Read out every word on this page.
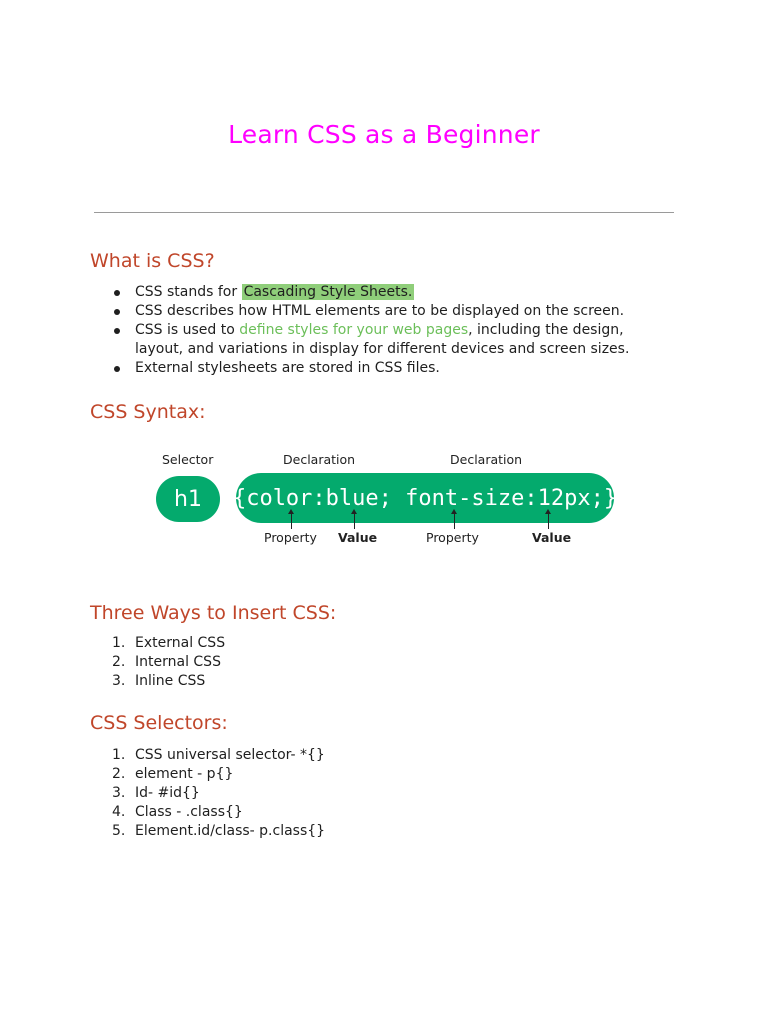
Learn CSS as a Beginner
What is CSS?
CSS stands for Cascading Style Sheets.
CSS describes how HTML elements are to be displayed on the screen.
CSS is used to define styles for your web pages, including the design, layout, and variations in display for different devices and screen sizes.
External stylesheets are stored in CSS files.
CSS Syntax:
Selector	Declaration	Declaration
h1	{color:blue; font-size:12px;}
Property Value	Property	Value
Three Ways to Insert CSS:
1. External CSS
2. Internal CSS
3. Inline CSS
CSS Selectors:
1. CSS universal selector- *{}
2. element - p{}
3. Id- #id{}
4. Class - .class{}
5. Element.id/class- p.class{}
